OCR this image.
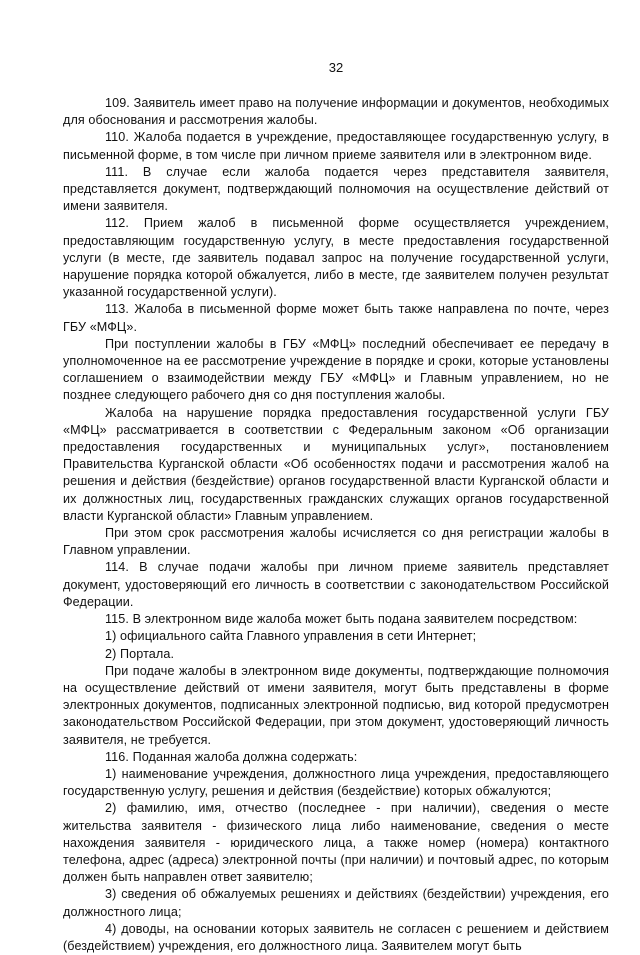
32

109. Заявитель имеет право на получение информации и документов, необходимых для обоснования и рассмотрения жалобы.

110. Жалоба подается в учреждение, предоставляющее государственную услугу, в письменной форме, в том числе при личном приеме заявителя или в электронном виде.

111. В случае если жалоба подается через представителя заявителя, представляется документ, подтверждающий полномочия на осуществление действий от имени заявителя.

112. Прием жалоб в письменной форме осуществляется учреждением, предоставляющим государственную услугу, в месте предоставления государственной услуги (в месте, где заявитель подавал запрос на получение государственной услуги, нарушение порядка которой обжалуется, либо в месте, где заявителем получен результат указанной государственной услуги).

113. Жалоба в письменной форме может быть также направлена по почте, через ГБУ «МФЦ».

При поступлении жалобы в ГБУ «МФЦ» последний обеспечивает ее передачу в уполномоченное на ее рассмотрение учреждение в порядке и сроки, которые установлены соглашением о взаимодействии между ГБУ «МФЦ» и Главным управлением, но не позднее следующего рабочего дня со дня поступления жалобы.

Жалоба на нарушение порядка предоставления государственной услуги ГБУ «МФЦ» рассматривается в соответствии с Федеральным законом «Об организации предоставления государственных и муниципальных услуг», постановлением Правительства Курганской области «Об особенностях подачи и рассмотрения жалоб на решения и действия (бездействие) органов государственной власти Курганской области и их должностных лиц, государственных гражданских служащих органов государственной власти Курганской области» Главным управлением.

При этом срок рассмотрения жалобы исчисляется со дня регистрации жалобы в Главном управлении.

114. В случае подачи жалобы при личном приеме заявитель представляет документ, удостоверяющий его личность в соответствии с законодательством Российской Федерации.

115. В электронном виде жалоба может быть подана заявителем посредством:

1) официального сайта Главного управления в сети Интернет;

2) Портала.

При подаче жалобы в электронном виде документы, подтверждающие полномочия на осуществление действий от имени заявителя, могут быть представлены в форме электронных документов, подписанных электронной подписью, вид которой предусмотрен законодательством Российской Федерации, при этом документ, удостоверяющий личность заявителя, не требуется.

116. Поданная жалоба должна содержать:

1) наименование учреждения, должностного лица учреждения, предоставляющего государственную услугу, решения и действия (бездействие) которых обжалуются;

2) фамилию, имя, отчество (последнее - при наличии), сведения о месте жительства заявителя - физического лица либо наименование, сведения о месте нахождения заявителя - юридического лица, а также номер (номера) контактного телефона, адрес (адреса) электронной почты (при наличии) и почтовый адрес, по которым должен быть направлен ответ заявителю;

3) сведения об обжалуемых решениях и действиях (бездействии) учреждения, его должностного лица;

4) доводы, на основании которых заявитель не согласен с решением и действием (бездействием) учреждения, его должностного лица. Заявителем могут быть
